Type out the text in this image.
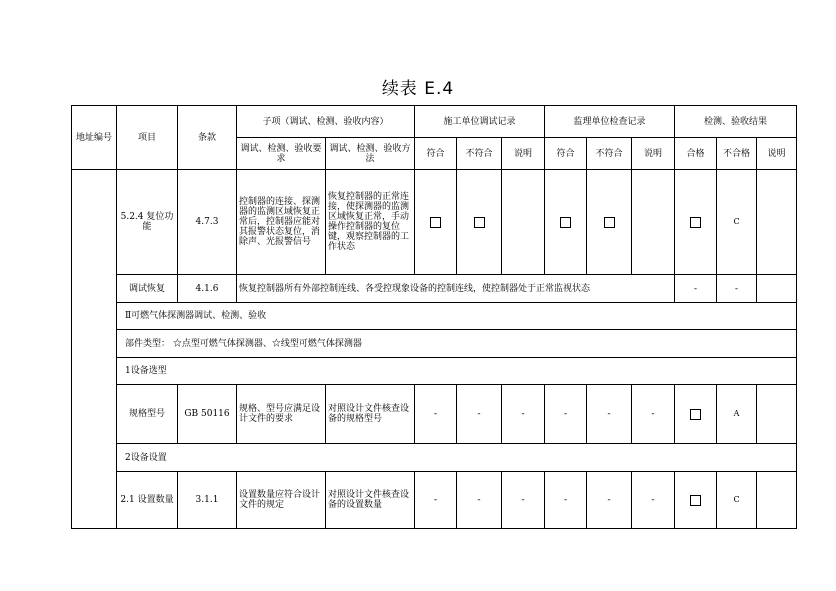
续表 E.4
地址编号	项目	条款	子项（调试、检测、验收内容）		施工单位调试记录			监理单位检查记录			检测、验收结果		
			调试、检测、验收要求	调试、检测、验收方法	符合	不符合	说明	符合	不符合	说明	合格	不合格	说明
	5.2.4 复位功能	4.7.3	控制器的连接、探测器的监测区域恢复正常后，控制器应能对其报警状态复位，消除声、光报警信号	恢复控制器的正常连接，使探测器的监测区域恢复正常，手动操作控制器的复位键，观察控制器的工作状态								C	
	调试恢复	4.1.6	恢复控制器所有外部控制连线、各受控现象设备的控制连线，使控制器处于正常监视状态								-	-	
	Ⅱ可燃气体探测器调试、检测、验收												
	部件类型： ☆点型可燃气体探测器、☆线型可燃气体探测器												
	1设备选型												
	规格型号	GB 50116	规格、型号应满足设计文件的要求	对照设计文件核查设备的规格型号	-	-	-	-	-	-		A	
	2设备设置												
	2.1 设置数量	3.1.1	设置数量应符合设计文件的规定	对照设计文件核查设备的设置数量	-	-	-	-	-	-		C	
